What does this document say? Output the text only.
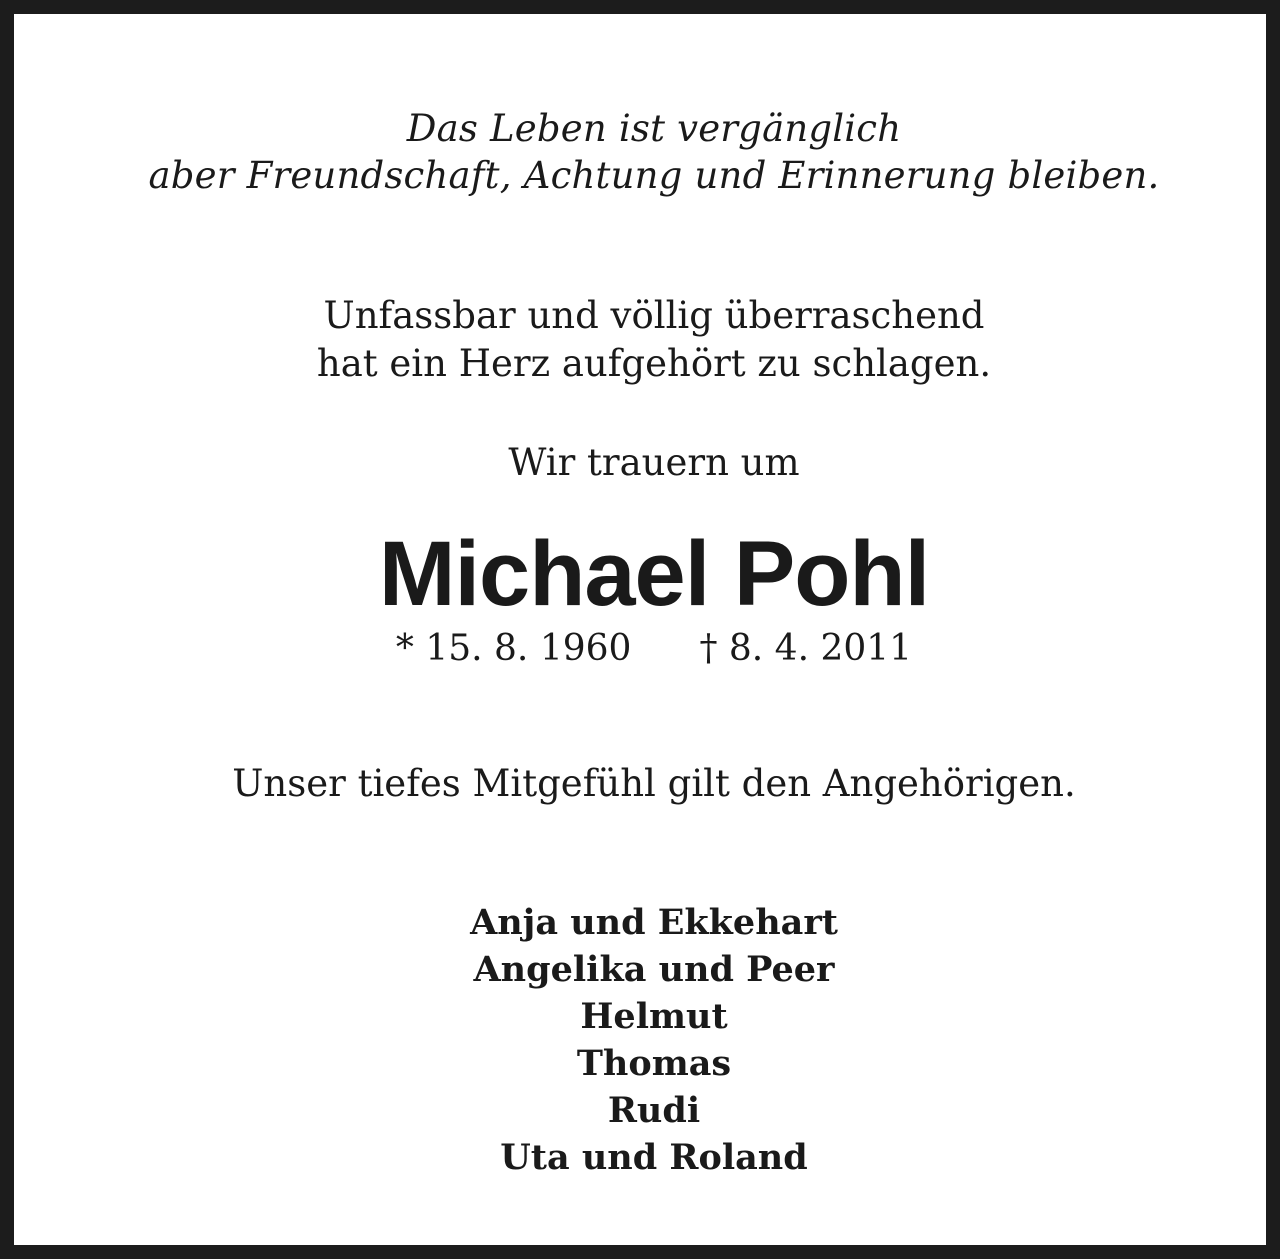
Das Leben ist vergänglich
aber Freundschaft, Achtung und Erinnerung bleiben.
Unfassbar und völlig überraschend
hat ein Herz aufgehört zu schlagen.
Wir trauern um
Michael Pohl
* 15. 8. 1960 † 8. 4. 2011
Unser tiefes Mitgefühl gilt den Angehörigen.
Anja und Ekkehart
Angelika und Peer
Helmut
Thomas
Rudi
Uta und Roland
